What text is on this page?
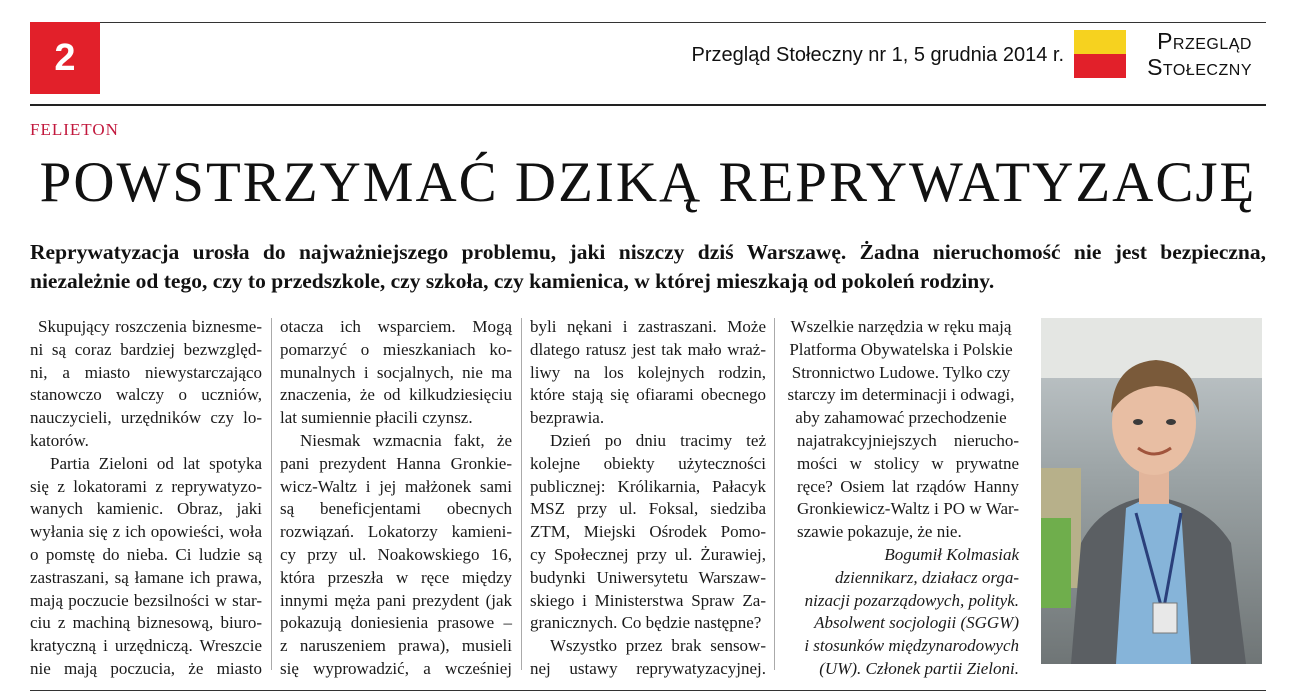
2	Przegląd Stołeczny nr 1, 5 grudnia 2014 r.
Przegląd
Stołeczny
FELIETON
POWSTRZYMAĆ DZIKĄ REPRYWATYZACJĘ
Reprywatyzacja urosła do najważniejszego problemu, jaki niszczy dziś Warszawę. Żadna nieruchomość nie jest bezpieczna, niezależnie od tego, czy to przedszkole, czy szkoła, czy kamienica, w której mieszkają od pokoleń rodziny.
Skupujący roszczenia biznesme-
ni są coraz bardziej bezwzględ-
ni, a miasto niewystarczająco
stanowczo walczy o uczniów,
nauczycieli, urzędników czy lo-
katorów.
Partia Zieloni od lat spotyka
się z lokatorami z reprywatyzo-
wanych kamienic. Obraz, jaki
wyłania się z ich opowieści, woła
o pomstę do nieba. Ci ludzie są
zastraszani, są łamane ich prawa,
mają poczucie bezsilności w star-
ciu z machiną biznesową, biuro-
kratyczną i urzędniczą. Wreszcie
nie mają poczucia, że miasto
otacza ich wsparciem. Mogą
pomarzyć o mieszkaniach ko-
munalnych i socjalnych, nie ma
znaczenia, że od kilkudziesięciu
lat sumiennie płacili czynsz.
Niesmak wzmacnia fakt, że
pani prezydent Hanna Gronkie-
wicz-Waltz i jej małżonek sami
są beneficjentami obecnych
rozwiązań. Lokatorzy kamieni-
cy przy ul. Noakowskiego 16,
która przeszła w ręce między
innymi męża pani prezydent (jak
pokazują doniesienia prasowe –
z naruszeniem prawa), musieli
się wyprowadzić, a wcześniej
byli nękani i zastraszani. Może
dlatego ratusz jest tak mało wraż-
liwy na los kolejnych rodzin,
które stają się ofiarami obecnego
bezprawia.
Dzień po dniu tracimy też
kolejne obiekty użyteczności
publicznej: Królikarnia, Pałacyk
MSZ przy ul. Foksal, siedziba
ZTM, Miejski Ośrodek Pomo-
cy Społecznej przy ul. Żurawiej,
budynki Uniwersytetu Warszaw-
skiego i Ministerstwa Spraw Za-
granicznych. Co będzie następne?
Wszystko przez brak sensow-
nej ustawy reprywatyzacyjnej.
Wszelkie narzędzia w ręku mają
Platforma Obywatelska i Polskie
Stronnictwo Ludowe. Tylko czy
starczy im determinacji i odwagi,
aby zahamować przechodzenie
najatrakcyjniejszych nierucho-
mości w stolicy w prywatne
ręce? Osiem lat rządów Hanny
Gronkiewicz-Waltz i PO w War-
szawie pokazuje, że nie.
Bogumił Kolmasiak
dziennikarz, działacz orga-
nizacji pozarządowych, polityk.
Absolwent socjologii (SGGW)
i stosunków międzynarodowych
(UW). Członek partii Zieloni.
